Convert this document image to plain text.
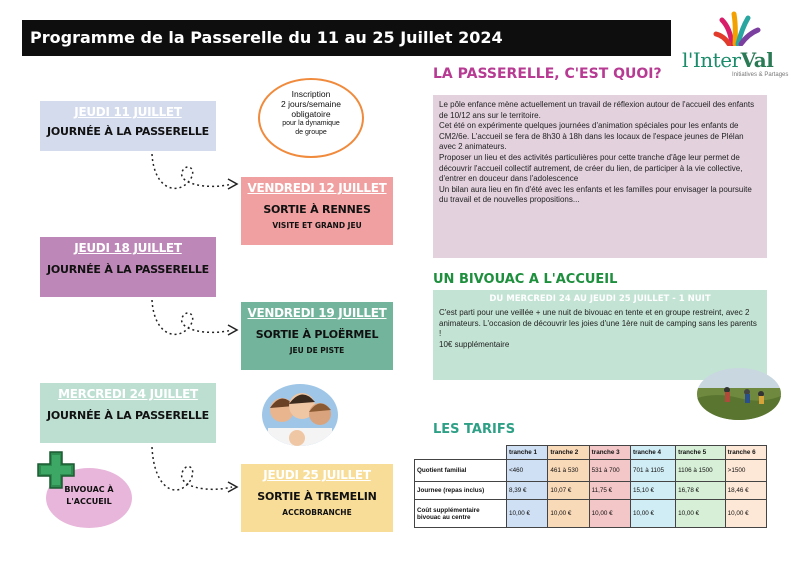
Programme de la Passerelle du 11 au 25 Juillet 2024
l'InterVal
Initiatives & Partages
JEUDI 11 JUILLET
JOURNÉE À LA PASSERELLE
VENDREDI 12 JUILLET
SORTIE À RENNES
VISITE ET GRAND JEU
JEUDI 18 JUILLET
JOURNÉE À LA PASSERELLE
VENDREDI 19 JUILLET
SORTIE À PLOËRMEL
JEU DE PISTE
MERCREDI 24 JUILLET
JOURNÉE À LA PASSERELLE
JEUDI 25 JUILLET
SORTIE À TREMELIN
ACCROBRANCHE
Inscription
2 jours/semaine
obligatoire
pour la dynamique
de groupe
BIVOUAC À
L'ACCUEIL
LA PASSERELLE, C'EST QUOI?

Le pôle enfance mène actuellement un travail de réflexion autour de l'accueil des enfants de 10/12 ans sur le territoire.

Cet été on expérimente quelques journées d'animation spéciales pour les enfants de CM2/6e. L'accueil se fera de 8h30 à 18h dans les locaux de l'espace jeunes de Plélan avec 2 animateurs.

Proposer un lieu et des activités particulières pour cette tranche d'âge leur permet de découvrir l'accueil collectif autrement, de créer du lien, de participer à la vie collective, d'entrer en douceur dans l'adolescence

Un bilan aura lieu en fin d'été avec les enfants et les familles pour envisager la poursuite du travail et de nouvelles propositions...

UN BIVOUAC A L'ACCUEIL
DU MERCREDI 24 AU JEUDI 25 JUILLET - 1 NUIT

C'est parti pour une veillée + une nuit de bivouac en tente et en groupe restreint, avec 2 animateurs. L'occasion de découvrir les joies d'une 1ère nuit de camping sans les parents !

10€ supplémentaire

LES TARIFS
	tranche 1	tranche 2	tranche 3	tranche 4	tranche 5	tranche 6
Quotient familial	<460	461 à 530	531 à 700	701 à 1105	1106 à 1500	>1500
Journee (repas inclus)	8,39 €	10,07 €	11,75 €	15,10 €	16,78 €	18,46 €
Coût supplémentaire bivouac au centre	10,00 €	10,00 €	10,00 €	10,00 €	10,00 €	10,00 €
